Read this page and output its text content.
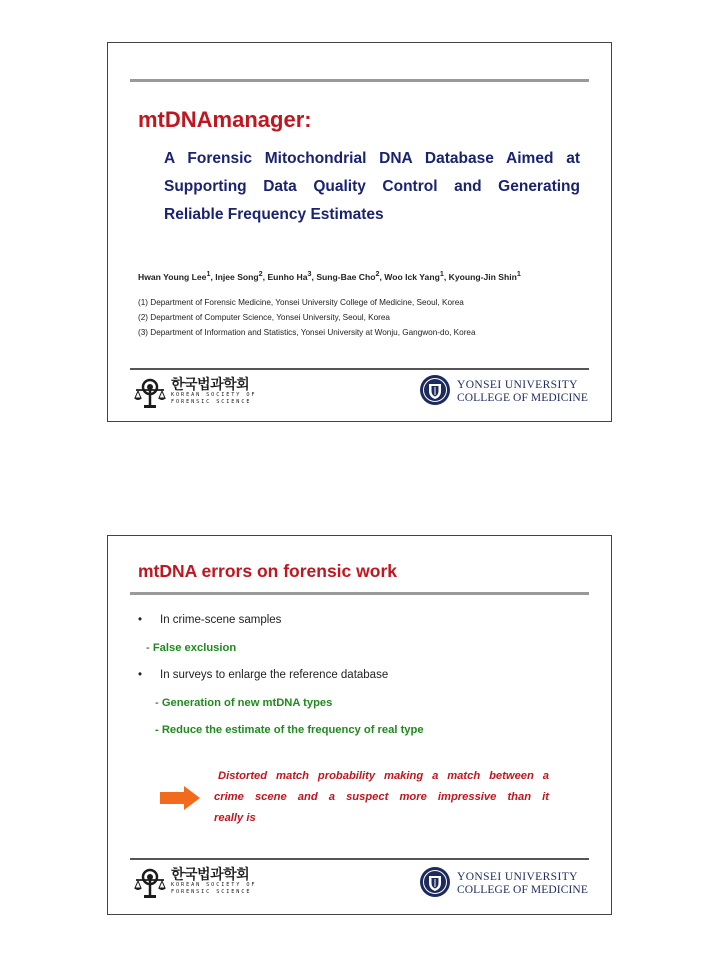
mtDNAmanager:
A Forensic Mitochondrial DNA Database Aimed at
Supporting Data Quality Control and Generating
Reliable Frequency Estimates
Hwan Young Lee$^1$, Injee Song$^2$, Eunho Ha$^3$, Sung-Bae Cho$^2$, Woo Ick Yang$^1$, Kyoung-Jin Shin$^1$
(1) Department of Forensic Medicine, Yonsei University College of Medicine, Seoul, Korea
(2) Department of Computer Science, Yonsei University, Seoul, Korea
(3) Department of Information and Statistics, Yonsei University at Wonju, Gangwon-do, Korea
한국법과학회
KOREAN SOCIETY OF
FORENSIC SCIENCE
YONSEI UNIVERSITY
COLLEGE OF MEDICINE
mtDNA errors on forensic work
• In crime-scene samples
- False exclusion
• In surveys to enlarge the reference database
- Generation of new mtDNA types
- Reduce the estimate of the frequency of real type
Distorted match probability making a match between a
crime scene and a suspect more impressive than it
really is
한국법과학회
KOREAN SOCIETY OF
FORENSIC SCIENCE
YONSEI UNIVERSITY
COLLEGE OF MEDICINE
